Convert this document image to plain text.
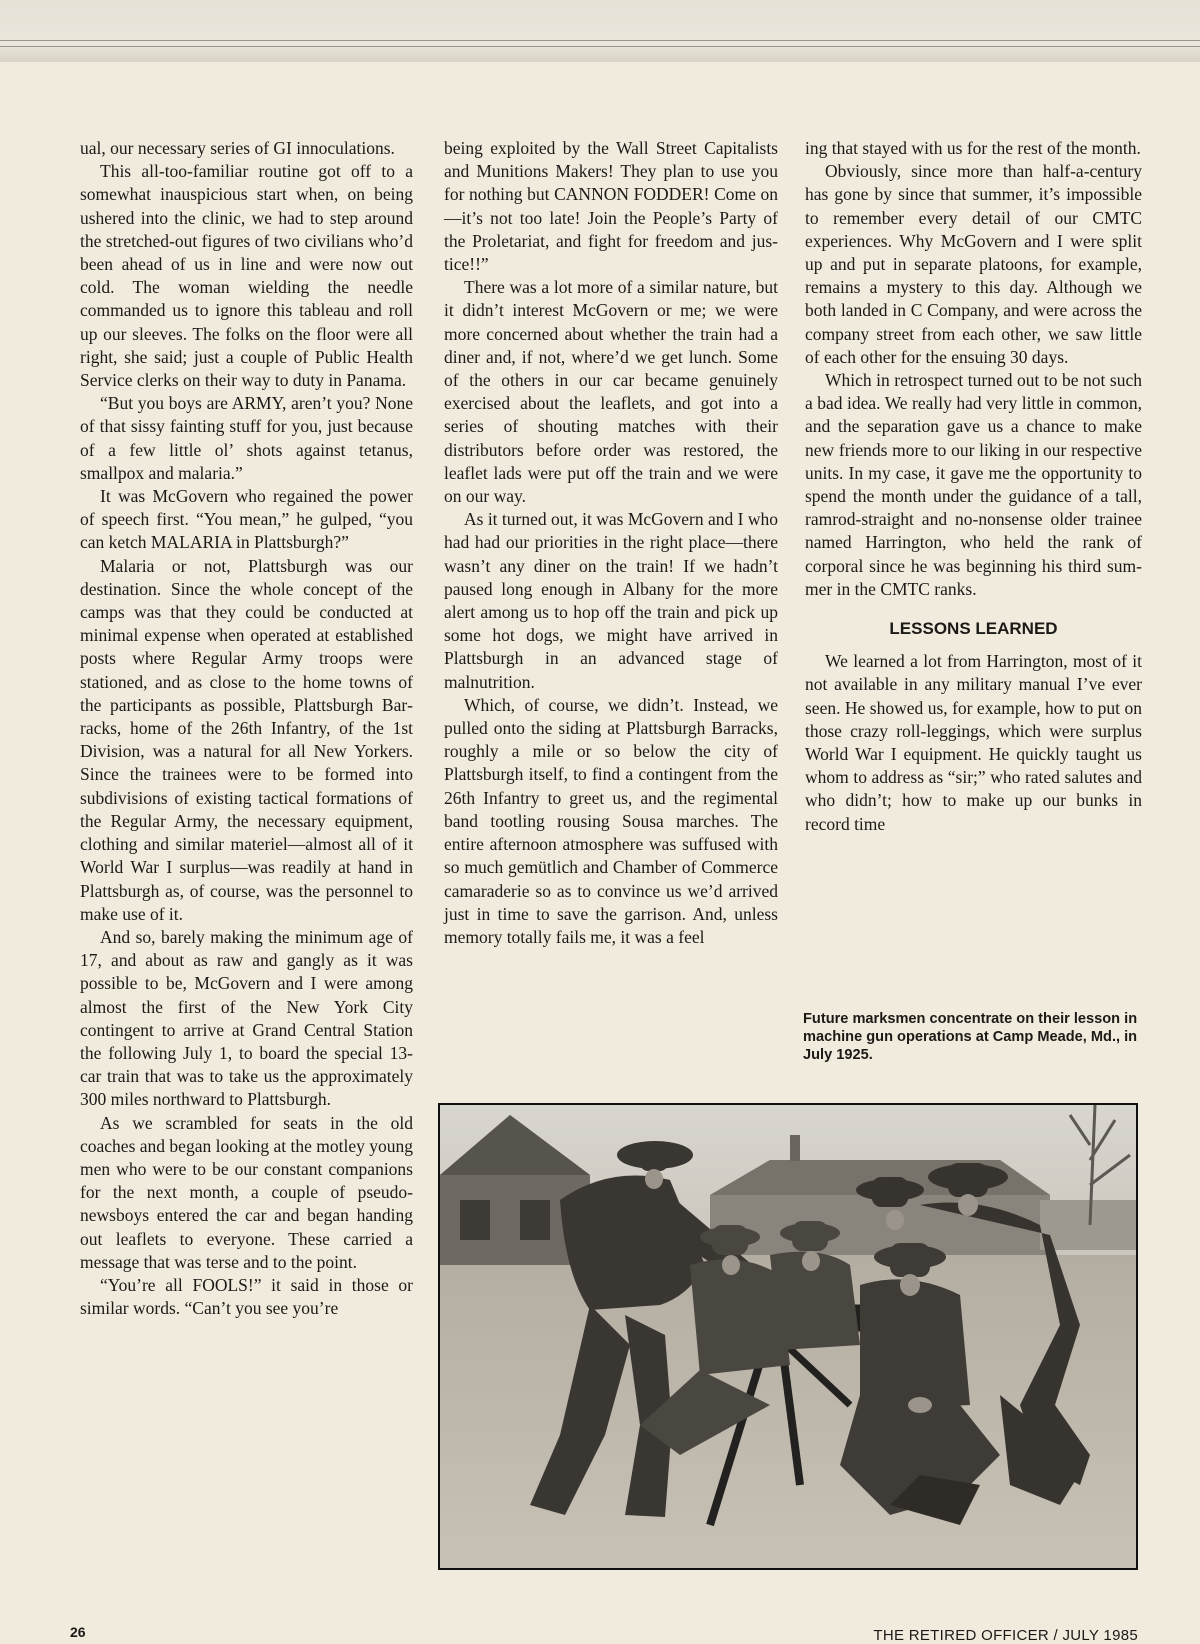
ual, our necessary series of GI innoculations.

This all-too-familiar routine got off to a somewhat inauspicious start when, on being ushered into the clinic, we had to step around the stretched-out figures of two civilians who’d been ahead of us in line and were now out cold. The woman wielding the needle commanded us to ignore this tableau and roll up our sleeves. The folks on the floor were all right, she said; just a couple of Public Health Service clerks on their way to duty in Panama.

“But you boys are ARMY, aren’t you? None of that sissy fainting stuff for you, just because of a few little ol’ shots against tetanus, smallpox and malaria.”

It was McGovern who regained the power of speech first. “You mean,” he gulped, “you can ketch MALARIA in Plattsburgh?”

Malaria or not, Plattsburgh was our destination. Since the whole concept of the camps was that they could be conducted at minimal expense when operated at established posts where Regular Army troops were stationed, and as close to the home towns of the participants as possible, Plattsburgh Barracks, home of the 26th Infantry, of the 1st Division, was a natural for all New Yorkers. Since the trainees were to be formed into subdivisions of existing tactical formations of the Regular Army, the necessary equipment, clothing and similar materiel—almost all of it World War I surplus—was readily at hand in Plattsburgh as, of course, was the personnel to make use of it.

And so, barely making the minimum age of 17, and about as raw and gangly as it was possible to be, McGovern and I were among almost the first of the New York City contingent to arrive at Grand Central Station the following July 1, to board the special 13-car train that was to take us the approximately 300 miles northward to Plattsburgh.

As we scrambled for seats in the old coaches and began looking at the motley young men who were to be our constant companions for the next month, a couple of pseudo-newsboys entered the car and began handing out leaflets to everyone. These carried a message that was terse and to the point.

“You’re all FOOLS!” it said in those or similar words. “Can’t you see you’re

being exploited by the Wall Street Capitalists and Munitions Makers! They plan to use you for nothing but CANNON FODDER! Come on—it’s not too late! Join the People’s Party of the Proletariat, and fight for freedom and justice!!”

There was a lot more of a similar nature, but it didn’t interest McGovern or me; we were more concerned about whether the train had a diner and, if not, where’d we get lunch. Some of the others in our car became genuinely exercised about the leaflets, and got into a series of shouting matches with their distributors before order was restored, the leaflet lads were put off the train and we were on our way.

As it turned out, it was McGovern and I who had had our priorities in the right place—there wasn’t any diner on the train! If we hadn’t paused long enough in Albany for the more alert among us to hop off the train and pick up some hot dogs, we might have arrived in Plattsburgh in an advanced stage of malnutrition.

Which, of course, we didn’t. Instead, we pulled onto the siding at Plattsburgh Barracks, roughly a mile or so below the city of Plattsburgh itself, to find a contingent from the 26th Infantry to greet us, and the regimental band tootling rousing Sousa marches. The entire afternoon atmosphere was suffused with so much gemütlich and Chamber of Commerce camaraderie so as to convince us we’d arrived just in time to save the garrison. And, unless memory totally fails me, it was a feel

ing that stayed with us for the rest of the month.

Obviously, since more than half-a-century has gone by since that summer, it’s impossible to remember every detail of our CMTC experiences. Why McGovern and I were split up and put in separate platoons, for example, remains a mystery to this day. Although we both landed in C Company, and were across the company street from each other, we saw little of each other for the ensuing 30 days.

Which in retrospect turned out to be not such a bad idea. We really had very little in common, and the separation gave us a chance to make new friends more to our liking in our respective units. In my case, it gave me the opportunity to spend the month under the guidance of a tall, ramrod-straight and no-nonsense older trainee named Harrington, who held the rank of corporal since he was beginning his third summer in the CMTC ranks.

LESSONS LEARNED

We learned a lot from Harrington, most of it not available in any military manual I’ve ever seen. He showed us, for example, how to put on those crazy roll-leggings, which were surplus World War I equipment. He quickly taught us whom to address as “sir;” who rated salutes and who didn’t; how to make up our bunks in record time

Future marksmen concentrate on their lesson in machine gun operations at Camp Meade, Md., in July 1925.
26	THE RETIRED OFFICER / JULY 1985
